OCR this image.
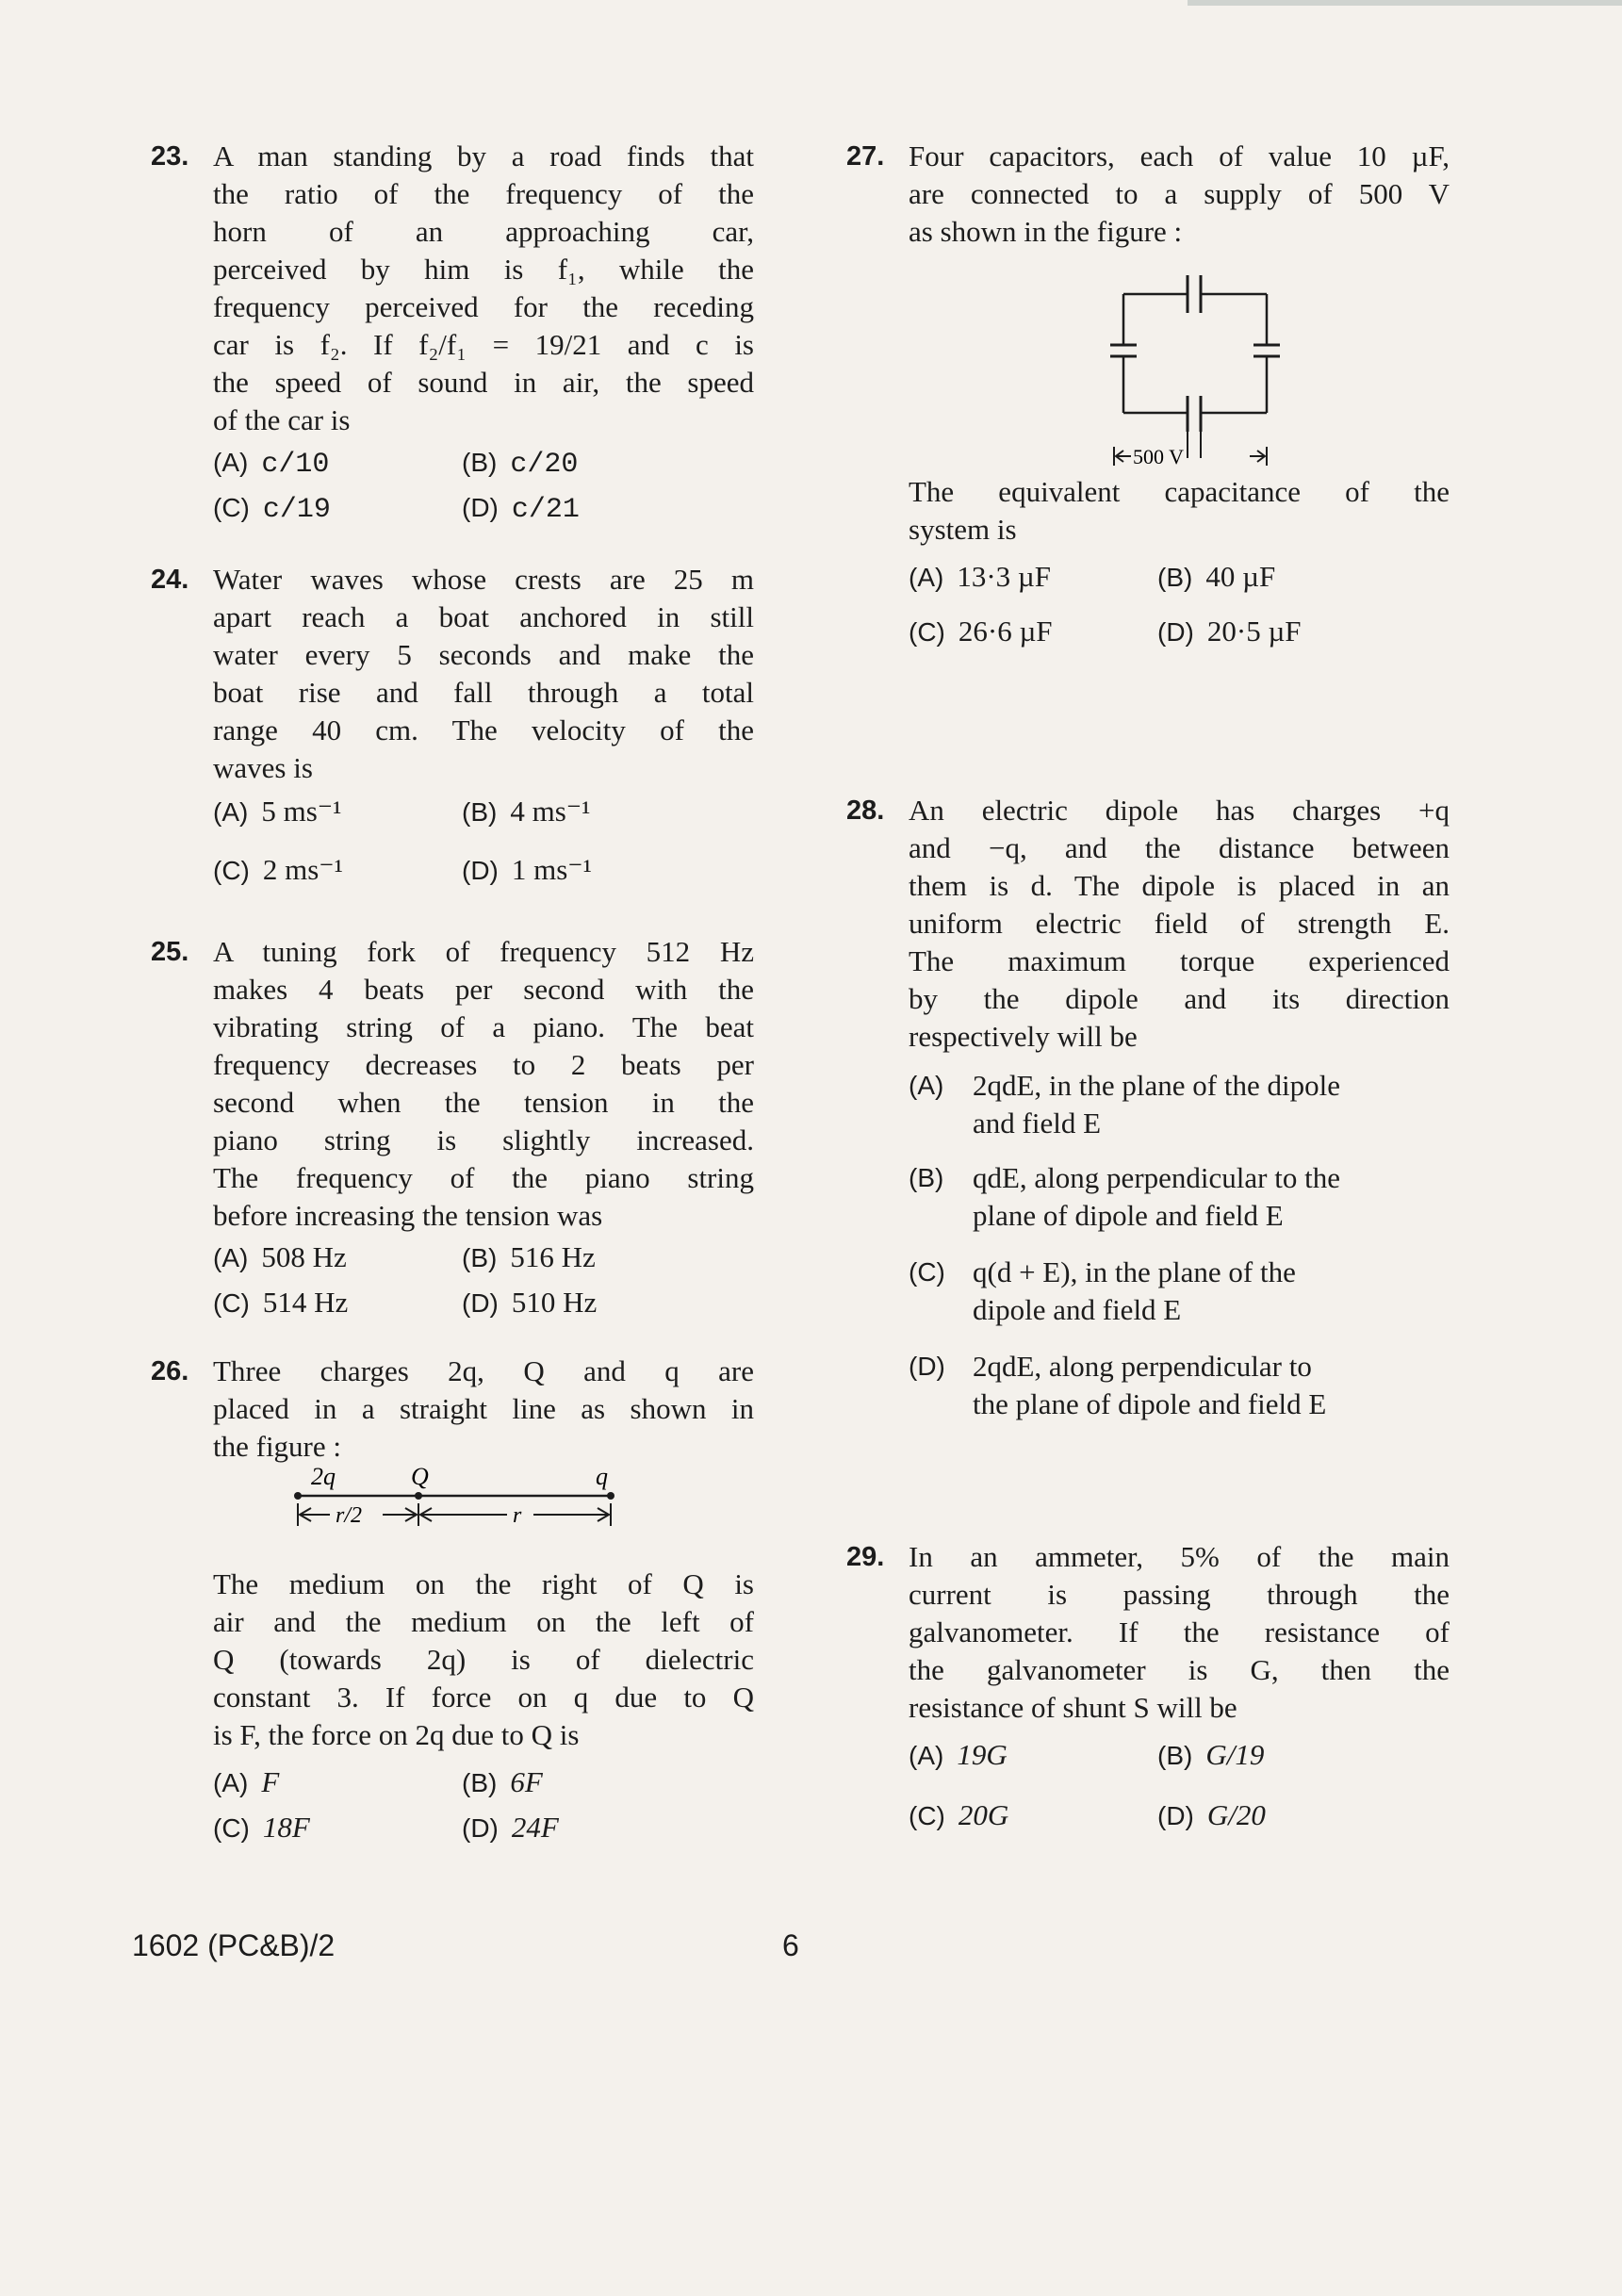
23. A man standing by a road finds that
the ratio of the frequency of the
horn of an approaching car,
perceived by him is f₁, while the
frequency perceived for the receding
car is f₂. If f₂/f₁ = 19/21 and c is
the speed of sound in air, the speed
of the car is
(A) c/10	(B) c/20
(C) c/19	(D) c/21
24. Water waves whose crests are 25 m
apart reach a boat anchored in still
water every 5 seconds and make the
boat rise and fall through a total
range 40 cm. The velocity of the
waves is
(A) 5 ms⁻¹	(B) 4 ms⁻¹
(C) 2 ms⁻¹	(D) 1 ms⁻¹
25. A tuning fork of frequency 512 Hz
makes 4 beats per second with the
vibrating string of a piano. The beat
frequency decreases to 2 beats per
second when the tension in the
piano string is slightly increased.
The frequency of the piano string
before increasing the tension was
(A) 508 Hz	(B) 516 Hz
(C) 514 Hz	(D) 510 Hz
26. Three charges 2q, Q and q are
placed in a straight line as shown in
the figure :
2q	Q	q
r/2	r
The medium on the right of Q is
air and the medium on the left of
Q (towards 2q) is of dielectric
constant 3. If force on q due to Q
is F, the force on 2q due to Q is
(A) F	(B) 6F
(C) 18F	(D) 24F
27. Four capacitors, each of value 10 µF,
are connected to a supply of 500 V
as shown in the figure :
500 V
The equivalent capacitance of the
system is
(A) 13·3 µF	(B) 40 µF
(C) 26·6 µF	(D) 20·5 µF
28. An electric dipole has charges +q
and −q, and the distance between
them is d. The dipole is placed in an
uniform electric field of strength E.
The maximum torque experienced
by the dipole and its direction
respectively will be
(A) 2qdE, in the plane of the dipole
and field E
(B) qdE, along perpendicular to the
plane of dipole and field E
(C) q(d + E), in the plane of the
dipole and field E
(D) 2qdE, along perpendicular to
the plane of dipole and field E
29. In an ammeter, 5% of the main
current is passing through the
galvanometer. If the resistance of
the galvanometer is G, then the
resistance of shunt S will be
(A) 19G	(B) G/19
(C) 20G	(D) G/20
1602 (PC&B)/2	6
